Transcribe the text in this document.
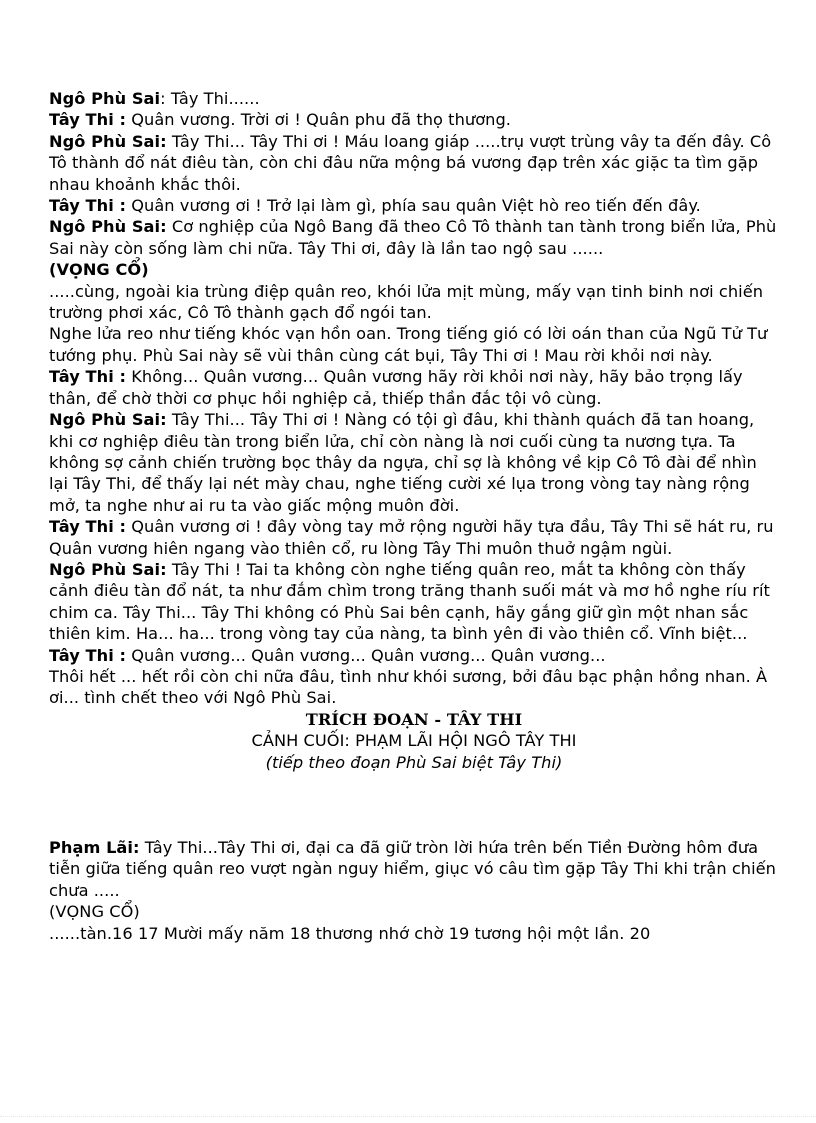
Ngô Phù Sai: Tây Thi......

Tây Thi : Quân vương. Trời ơi ! Quân phu đã thọ thương.

Ngô Phù Sai: Tây Thi... Tây Thi ơi ! Máu loang giáp .....trụ vượt trùng vây ta đến đây. Cô Tô thành đổ nát điêu tàn, còn chi đâu nữa mộng bá vương đạp trên xác giặc ta tìm gặp nhau khoảnh khắc thôi.

Tây Thi : Quân vương ơi ! Trở lại làm gì, phía sau quân Việt hò reo tiến đến đây.

Ngô Phù Sai: Cơ nghiệp của Ngô Bang đã theo Cô Tô thành tan tành trong biển lửa, Phù Sai này còn sống làm chi nữa. Tây Thi ơi, đây là lần tao ngộ sau ......

(VỌNG CỔ)

.....cùng, ngoài kia trùng điệp quân reo, khói lửa mịt mùng, mấy vạn tinh binh nơi chiến trường phơi xác, Cô Tô thành gạch đổ ngói tan.

Nghe lửa reo như tiếng khóc vạn hồn oan. Trong tiếng gió có lời oán than của Ngũ Tử Tư tướng phụ. Phù Sai này sẽ vùi thân cùng cát bụi, Tây Thi ơi ! Mau rời khỏi nơi này.

Tây Thi : Không... Quân vương... Quân vương hãy rời khỏi nơi này, hãy bảo trọng lấy thân, để chờ thời cơ phục hồi nghiệp cả, thiếp thần đắc tội vô cùng.

Ngô Phù Sai: Tây Thi... Tây Thi ơi ! Nàng có tội gì đâu, khi thành quách đã tan hoang, khi cơ nghiệp điêu tàn trong biển lửa, chỉ còn nàng là nơi cuối cùng ta nương tựa. Ta không sợ cảnh chiến trường bọc thây da ngựa, chỉ sợ là không về kịp Cô Tô đài để nhìn lại Tây Thi, để thấy lại nét mày chau, nghe tiếng cười xé lụa trong vòng tay nàng rộng mở, ta nghe như ai ru ta vào giấc mộng muôn đời.

Tây Thi : Quân vương ơi ! đây vòng tay mở rộng người hãy tựa đầu, Tây Thi sẽ hát ru, ru Quân vương hiên ngang vào thiên cổ, ru lòng Tây Thi muôn thuở ngậm ngùi.

Ngô Phù Sai: Tây Thi ! Tai ta không còn nghe tiếng quân reo, mắt ta không còn thấy cảnh điêu tàn đổ nát, ta như đắm chìm trong trăng thanh suối mát và mơ hồ nghe ríu rít chim ca. Tây Thi... Tây Thi không có Phù Sai bên cạnh, hãy gắng giữ gìn một nhan sắc thiên kim. Ha... ha... trong vòng tay của nàng, ta bình yên đi vào thiên cổ. Vĩnh biệt...

Tây Thi : Quân vương... Quân vương... Quân vương... Quân vương...

Thôi hết ... hết rồi còn chi nữa đâu, tình như khói sương, bởi đâu bạc phận hồng nhan. À ơi... tình chết theo với Ngô Phù Sai.

TRÍCH ĐOẠN - TÂY THI

CẢNH CUỐI: PHẠM LÃI HỘI NGÔ TÂY THI

(tiếp theo đoạn Phù Sai biệt Tây Thi)

Phạm Lãi: Tây Thi...Tây Thi ơi, đại ca đã giữ tròn lời hứa trên bến Tiền Đường hôm đưa tiễn giữa tiếng quân reo vượt ngàn nguy hiểm, giục vó câu tìm gặp Tây Thi khi trận chiến chưa .....

(VỌNG CỔ)

......tàn.16 17 Mười mấy năm 18 thương nhớ chờ 19 tương hội một lần. 20
